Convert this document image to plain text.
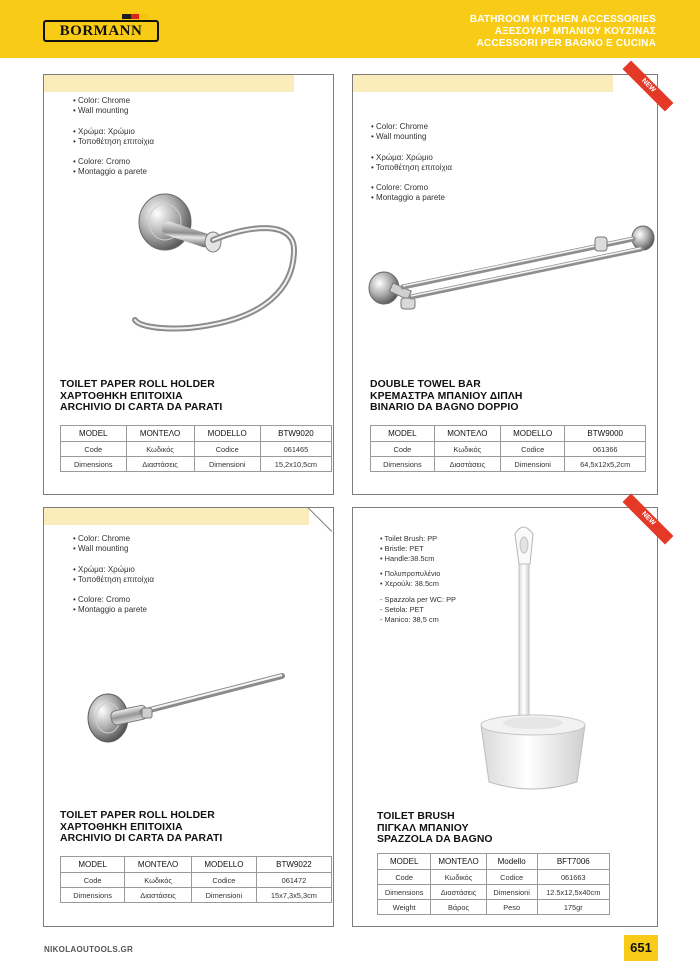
BORMANN
BATHROOM KITCHEN ACCESSORIES
ΑΞΕΣΟΥΑΡ ΜΠΑΝΙΟΥ ΚΟΥΖΙΝΑΣ
ACCESSORI PER BAGNO E CUCINA
• Color: Chrome
• Wall mounting
• Χρώμα: Χρώμιο
• Τοποθέτηση επιτοίχια
• Colore: Cromo
• Montaggio a parete
TOILET PAPER ROLL HOLDER
ΧΑΡΤΟΘΗΚΗ ΕΠΙΤΟΙΧΙΑ
ARCHIVIO DI CARTA DA PARATI
MODEL	ΜΟΝΤΕΛΟ	MODELLO	BTW9020
Code	Κωδικός	Codice	061465
Dimensions	Διαστάσεις	Dimensioni	15,2x10,5cm
• Color: Chrome
• Wall mounting
• Χρώμα: Χρώμιο
• Τοποθέτηση επιτοίχια
• Colore: Cromo
• Montaggio a parete
DOUBLE TOWEL BAR
ΚΡΕΜΑΣΤΡΑ ΜΠΑΝΙΟΥ ΔΙΠΛΗ
BINARIO DA BAGNO DOPPIO
MODEL	ΜΟΝΤΕΛΟ	MODELLO	BTW9000
Code	Κωδικός	Codice	061366
Dimensions	Διαστάσεις	Dimensioni	64,5x12x5,2cm
NEW
• Color: Chrome
• Wall mounting
• Χρώμα: Χρώμιο
• Τοποθέτηση επιτοίχια
• Colore: Cromo
• Montaggio a parete
TOILET PAPER ROLL HOLDER
ΧΑΡΤΟΘΗΚΗ ΕΠΙΤΟΙΧΙΑ
ARCHIVIO DI CARTA DA PARATI
MODEL	ΜΟΝΤΕΛΟ	MODELLO	BTW9022
Code	Κωδικός	Codice	061472
Dimensions	Διαστάσεις	Dimensioni	15x7,3x5,3cm
• Toilet Brush: PP
• Bristle: PET
• Handle:38.5cm
• Πολυπροπυλένιο
• Χερούλι: 38.5cm
- Spazzola per WC: PP
- Setola: PET
- Manico: 38,5 cm
TOILET BRUSH
ΠΙΓΚΑΛ ΜΠΑΝΙΟΥ
SPAZZOLA DA BAGNO
MODEL	ΜΟΝΤΕΛΟ	Modello	BFT7006
Code	Κωδικός	Codice	061663
Dimensions	Διαστάσεις	Dimensioni	12.5x12,5x40cm
Weight	Βάρος	Peso	175gr
NEW
NIKOLAOUTOOLS.GR	651
